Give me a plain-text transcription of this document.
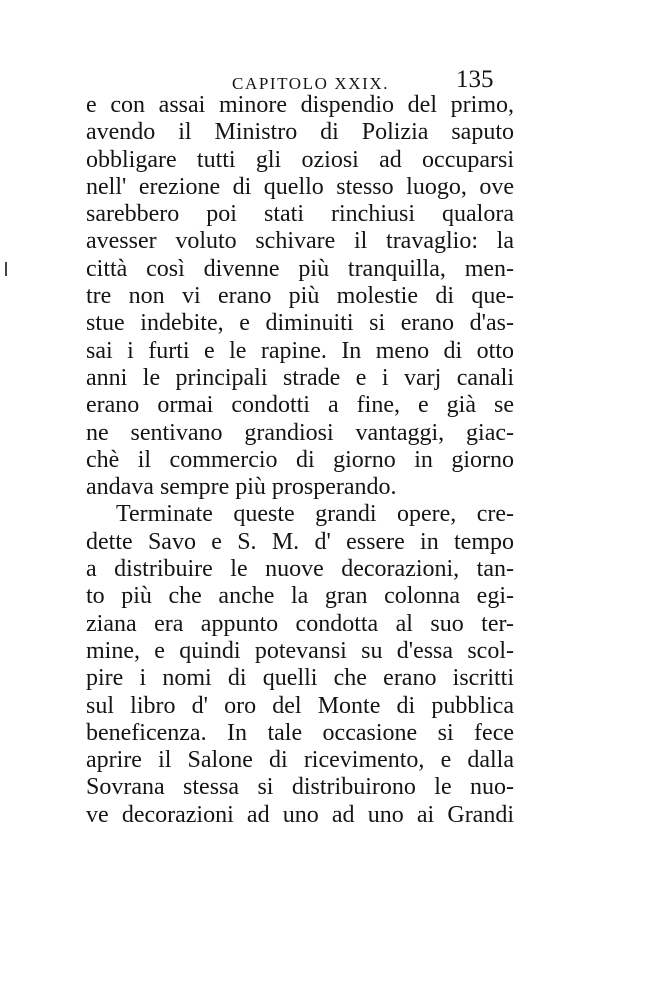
CAPITOLO XXIX.	135
e con assai minore dispendio del primo,
avendo il Ministro di Polizia saputo
obbligare tutti gli oziosi ad occuparsi
nell' erezione di quello stesso luogo, ove
sarebbero poi stati rinchiusi qualora
avesser voluto schivare il travaglio: la
città così divenne più tranquilla, men-
tre non vi erano più molestie di que-
stue indebite, e diminuiti si erano d'as-
sai i furti e le rapine. In meno di otto
anni le principali strade e i varj canali
erano ormai condotti a fine, e già se
ne sentivano grandiosi vantaggi, giac-
chè il commercio di giorno in giorno
andava sempre più prosperando.
Terminate queste grandi opere, cre-
dette Savo e S. M. d' essere in tempo
a distribuire le nuove decorazioni, tan-
to più che anche la gran colonna egi-
ziana era appunto condotta al suo ter-
mine, e quindi potevansi su d'essa scol-
pire i nomi di quelli che erano iscritti
sul libro d' oro del Monte di pubblica
beneficenza. In tale occasione si fece
aprire il Salone di ricevimento, e dalla
Sovrana stessa si distribuirono le nuo-
ve decorazioni ad uno ad uno ai Grandi
